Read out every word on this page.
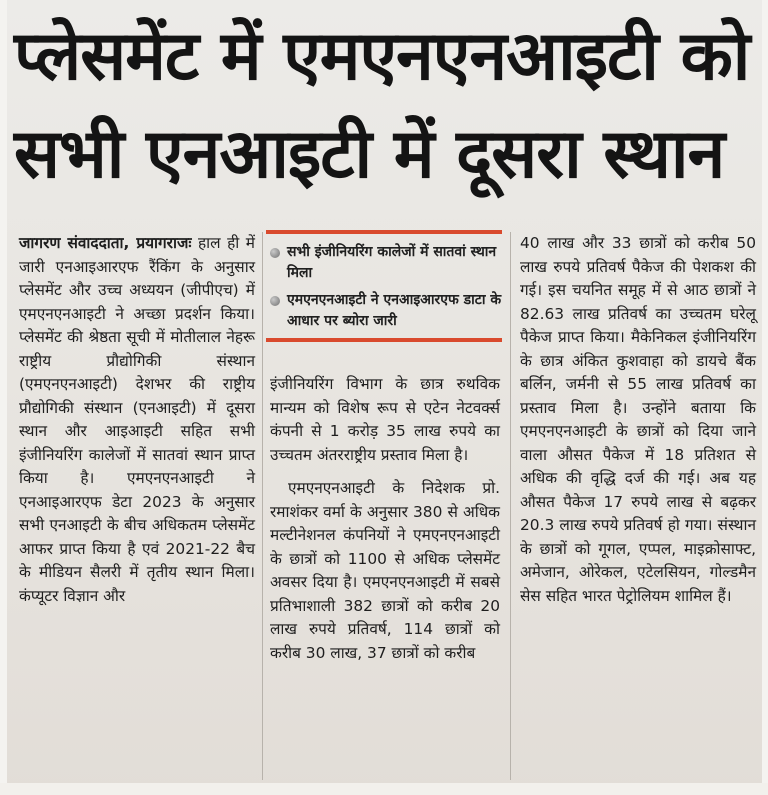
प्लेसमेंट में एमएनएनआइटी को
सभी एनआइटी में दूसरा स्थान

जागरण संवाददाता, प्रयागराजः हाल ही में जारी एनआइआरएफ रैंकिंग के अनुसार प्लेसमेंट और उच्च अध्ययन (जीपीएच) में एमएनएनआइटी ने अच्छा प्रदर्शन किया। प्लेसमेंट की श्रेष्ठता सूची में मोतीलाल नेहरू राष्ट्रीय प्रौद्योगिकी संस्थान (एमएनएनआइटी) देशभर की राष्ट्रीय प्रौद्योगिकी संस्थान (एनआइटी) में दूसरा स्थान और आइआइटी सहित सभी इंजीनियरिंग कालेजों में सातवां स्थान प्राप्त किया है। एमएनएनआइटी ने एनआइआरएफ डेटा 2023 के अनुसार सभी एनआइटी के बीच अधिकतम प्लेसमेंट आफर प्राप्त किया है एवं 2021-22 बैच के मीडियन सैलरी में तृतीय स्थान मिला। कंप्यूटर विज्ञान और

सभी इंजीनियरिंग कालेजों में सातवां स्थान मिला
एमएनएनआइटी ने एनआइआरएफ डाटा के आधार पर ब्योरा जारी

इंजीनियरिंग विभाग के छात्र रुथविक मान्यम को विशेष रूप से एटेन नेटवर्क्स कंपनी से 1 करोड़ 35 लाख रुपये का उच्चतम अंतरराष्ट्रीय प्रस्ताव मिला है।

एमएनएनआइटी के निदेशक प्रो. रमाशंकर वर्मा के अनुसार 380 से अधिक मल्टीनेशनल कंपनियों ने एमएनएनआइटी के छात्रों को 1100 से अधिक प्लेसमेंट अवसर दिया है। एमएनएनआइटी में सबसे प्रतिभाशाली 382 छात्रों को करीब 20 लाख रुपये प्रतिवर्ष, 114 छात्रों को करीब 30 लाख, 37 छात्रों को करीब

40 लाख और 33 छात्रों को करीब 50 लाख रुपये प्रतिवर्ष पैकेज की पेशकश की गई। इस चयनित समूह में से आठ छात्रों ने 82.63 लाख प्रतिवर्ष का उच्चतम घरेलू पैकेज प्राप्त किया। मैकेनिकल इंजीनियरिंग के छात्र अंकित कुशवाहा को डायचे बैंक बर्लिन, जर्मनी से 55 लाख प्रतिवर्ष का प्रस्ताव मिला है। उन्होंने बताया कि एमएनएनआइटी के छात्रों को दिया जाने वाला औसत पैकेज में 18 प्रतिशत से अधिक की वृद्धि दर्ज की गई। अब यह औसत पैकेज 17 रुपये लाख से बढ़कर 20.3 लाख रुपये प्रतिवर्ष हो गया। संस्थान के छात्रों को गूगल, एप्पल, माइक्रोसाफ्ट, अमेजान, ओरेकल, एटेलसियन, गोल्डमैन सेस सहित भारत पेट्रोलियम शामिल हैं।
